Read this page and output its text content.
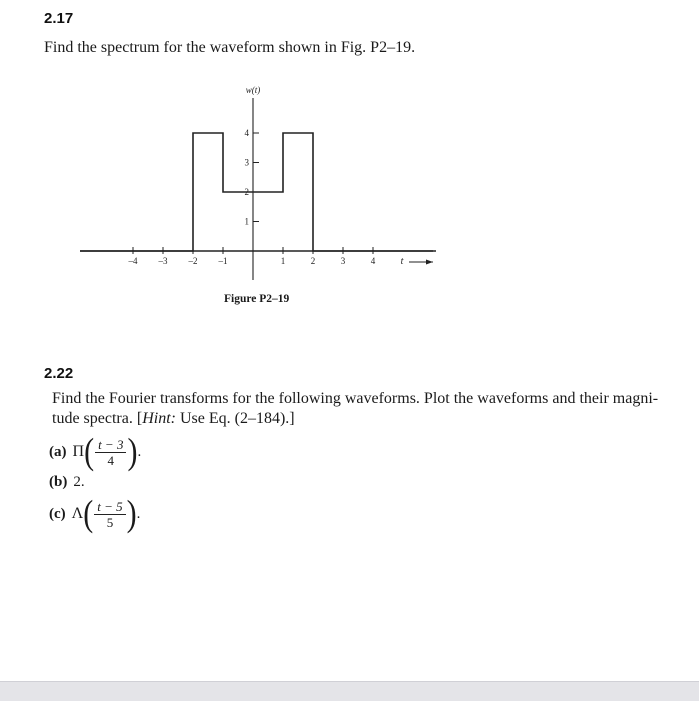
2.17
Find the spectrum for the waveform shown in Fig. P2–19.
w(t)
t
–4 –3 –2 –1	1	2	3	4
1
2
3
4
Figure P2–19
2.22
Find the Fourier transforms for the following waveforms. Plot the waveforms and their magni-
tude spectra. [Hint: Use Eq. (2–184).]
(a) Π ( $\frac{t - 3}{4}$ ) .
(b) 2.
(c) Λ ( $\frac{t - 5}{5}$ ) .
